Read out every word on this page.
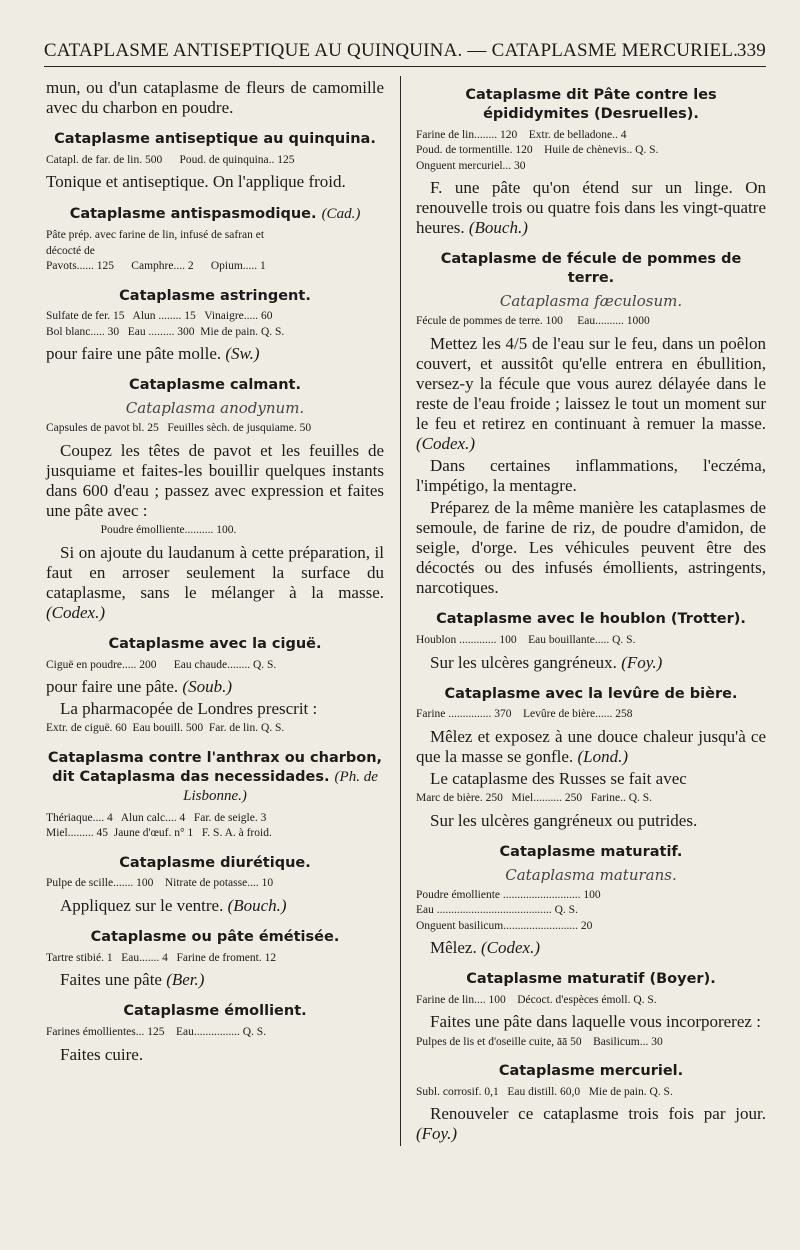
CATAPLASME ANTISEPTIQUE AU QUINQUINA. — CATAPLASME MERCURIEL.
339
mun, ou d'un cataplasme de fleurs de camomille avec du charbon en poudre.
Cataplasme antiseptique au quinquina.
Catapl. de far. de lin. 500      Poud. de quinquina.. 125
Tonique et antiseptique. On l'applique froid.
Cataplasme antispasmodique. (Cad.)
Pâte prép. avec farine de lin, infusé de safran et
décocté de
Pavots...... 125      Camphre.... 2      Opium..... 1
Cataplasme astringent.
Sulfate de fer. 15   Alun ........ 15   Vinaigre..... 60
Bol blanc..... 30   Eau ......... 300  Mie de pain. Q. S.
pour faire une pâte molle. (Sw.)
Cataplasme calmant.
Cataplasma anodynum.
Capsules de pavot bl. 25   Feuilles sèch. de jusquiame. 50
Coupez les têtes de pavot et les feuilles de jusquiame et faites-les bouillir quelques instants dans 600 d'eau ; passez avec expression et faites une pâte avec :
Poudre émolliente.......... 100.
Si on ajoute du laudanum à cette préparation, il faut en arroser seulement la surface du cataplasme, sans le mélanger à la masse. (Codex.)
Cataplasme avec la ciguë.
Ciguë en poudre..... 200      Eau chaude........ Q. S.
pour faire une pâte. (Soub.)
La pharmacopée de Londres prescrit :
Extr. de ciguë. 60  Eau bouill. 500  Far. de lin. Q. S.
Cataplasma contre l'anthrax ou charbon, dit Cataplasma das necessidades. (Ph. de Lisbonne.)
Thériaque.... 4   Alun calc.... 4   Far. de seigle. 3
Miel......... 45  Jaune d'œuf. n° 1   F. S. A. à froid.
Cataplasme diurétique.
Pulpe de scille....... 100    Nitrate de potasse.... 10
Appliquez sur le ventre. (Bouch.)
Cataplasme ou pâte émétisée.
Tartre stibié. 1   Eau....... 4   Farine de froment. 12
Faites une pâte (Ber.)
Cataplasme émollient.
Farines émollientes... 125    Eau................ Q. S.
Faites cuire.
Cataplasme dit Pâte contre les épididymites (Desruelles).
Farine de lin........ 120    Extr. de belladone.. 4
Poud. de tormentille. 120    Huile de chènevis.. Q. S.
Onguent mercuriel... 30
F. une pâte qu'on étend sur un linge. On renouvelle trois ou quatre fois dans les vingt-quatre heures. (Bouch.)
Cataplasme de fécule de pommes de terre.
Cataplasma fæculosum.
Fécule de pommes de terre. 100     Eau.......... 1000
Mettez les 4/5 de l'eau sur le feu, dans un poêlon couvert, et aussitôt qu'elle entrera en ébullition, versez-y la fécule que vous aurez délayée dans le reste de l'eau froide ; laissez le tout un moment sur le feu et retirez en continuant à remuer la masse. (Codex.)
Dans certaines inflammations, l'eczéma, l'impétigo, la mentagre.
Préparez de la même manière les cataplasmes de semoule, de farine de riz, de poudre d'amidon, de seigle, d'orge. Les véhicules peuvent être des décoctés ou des infusés émollients, astringents, narcotiques.
Cataplasme avec le houblon (Trotter).
Houblon ............. 100    Eau bouillante..... Q. S.
Sur les ulcères gangréneux. (Foy.)
Cataplasme avec la levûre de bière.
Farine ............... 370    Levûre de bière...... 258
Mêlez et exposez à une douce chaleur jusqu'à ce que la masse se gonfle. (Lond.)
Le cataplasme des Russes se fait avec
Marc de bière. 250   Miel.......... 250   Farine.. Q. S.
Sur les ulcères gangréneux ou putrides.
Cataplasme maturatif.
Cataplasma maturans.
Poudre émolliente ........................... 100
Eau ........................................ Q. S.
Onguent basilicum.......................... 20
Mêlez. (Codex.)
Cataplasme maturatif (Boyer).
Farine de lin.... 100    Décoct. d'espèces émoll. Q. S.
Faites une pâte dans laquelle vous incorporerez :
Pulpes de lis et d'oseille cuite, āā 50    Basilicum... 30
Cataplasme mercuriel.
Subl. corrosif. 0,1   Eau distill. 60,0   Mie de pain. Q. S.
Renouveler ce cataplasme trois fois par jour. (Foy.)
